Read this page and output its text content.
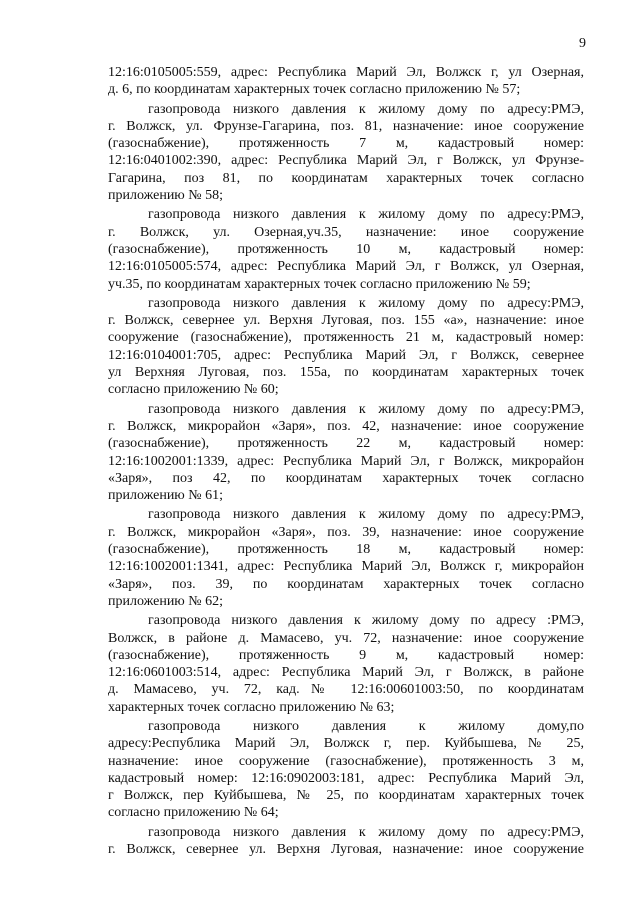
9
12:16:0105005:559, адрес: Республика Марий Эл, Волжск г, ул Озерная,
д. 6, по координатам характерных точек согласно приложению № 57;
газопровода низкого давления к жилому дому по адресу:РМЭ,
г. Волжск, ул. Фрунзе-Гагарина, поз. 81, назначение: иное сооружение
(газоснабжение), протяженность 7 м, кадастровый номер:
12:16:0401002:390, адрес: Республика Марий Эл, г Волжск, ул Фрунзе-
Гагарина, поз 81, по координатам характерных точек согласно
приложению № 58;
газопровода низкого давления к жилому дому по адресу:РМЭ,
г. Волжск, ул. Озерная,уч.35, назначение: иное сооружение
(газоснабжение), протяженность 10 м, кадастровый номер:
12:16:0105005:574, адрес: Республика Марий Эл, г Волжск, ул Озерная,
уч.35, по координатам характерных точек согласно приложению № 59;
газопровода низкого давления к жилому дому по адресу:РМЭ,
г. Волжск, севернее ул. Верхня Луговая, поз. 155 «а», назначение: иное
сооружение (газоснабжение), протяженность 21 м, кадастровый номер:
12:16:0104001:705, адрес: Республика Марий Эл, г Волжск, севернее
ул Верхняя Луговая, поз. 155а, по координатам характерных точек
согласно приложению № 60;
газопровода низкого давления к жилому дому по адресу:РМЭ,
г. Волжск, микрорайон «Заря», поз. 42, назначение: иное сооружение
(газоснабжение), протяженность 22 м, кадастровый номер:
12:16:1002001:1339, адрес: Республика Марий Эл, г Волжск, микрорайон
«Заря», поз 42, по координатам характерных точек согласно
приложению № 61;
газопровода низкого давления к жилому дому по адресу:РМЭ,
г. Волжск, микрорайон «Заря», поз. 39, назначение: иное сооружение
(газоснабжение), протяженность 18 м, кадастровый номер:
12:16:1002001:1341, адрес: Республика Марий Эл, Волжск г, микрорайон
«Заря», поз. 39, по координатам характерных точек согласно
приложению № 62;
газопровода низкого давления к жилому дому по адресу :РМЭ,
Волжск, в районе д. Мамасево, уч. 72, назначение: иное сооружение
(газоснабжение), протяженность 9 м, кадастровый номер:
12:16:0601003:514, адрес: Республика Марий Эл, г Волжск, в районе
д. Мамасево, уч. 72, кад.№ 12:16:00601003:50, по координатам
характерных точек согласно приложению № 63;
газопровода низкого давления к жилому дому,по
адресу:Республика Марий Эл, Волжск г, пер. Куйбышева,№ 25,
назначение: иное сооружение (газоснабжение), протяженность 3 м,
кадастровый номер: 12:16:0902003:181, адрес: Республика Марий Эл,
г Волжск, пер Куйбышева, № 25, по координатам характерных точек
согласно приложению № 64;
газопровода низкого давления к жилому дому по адресу:РМЭ,
г. Волжск, севернее ул. Верхня Луговая, назначение: иное сооружение
